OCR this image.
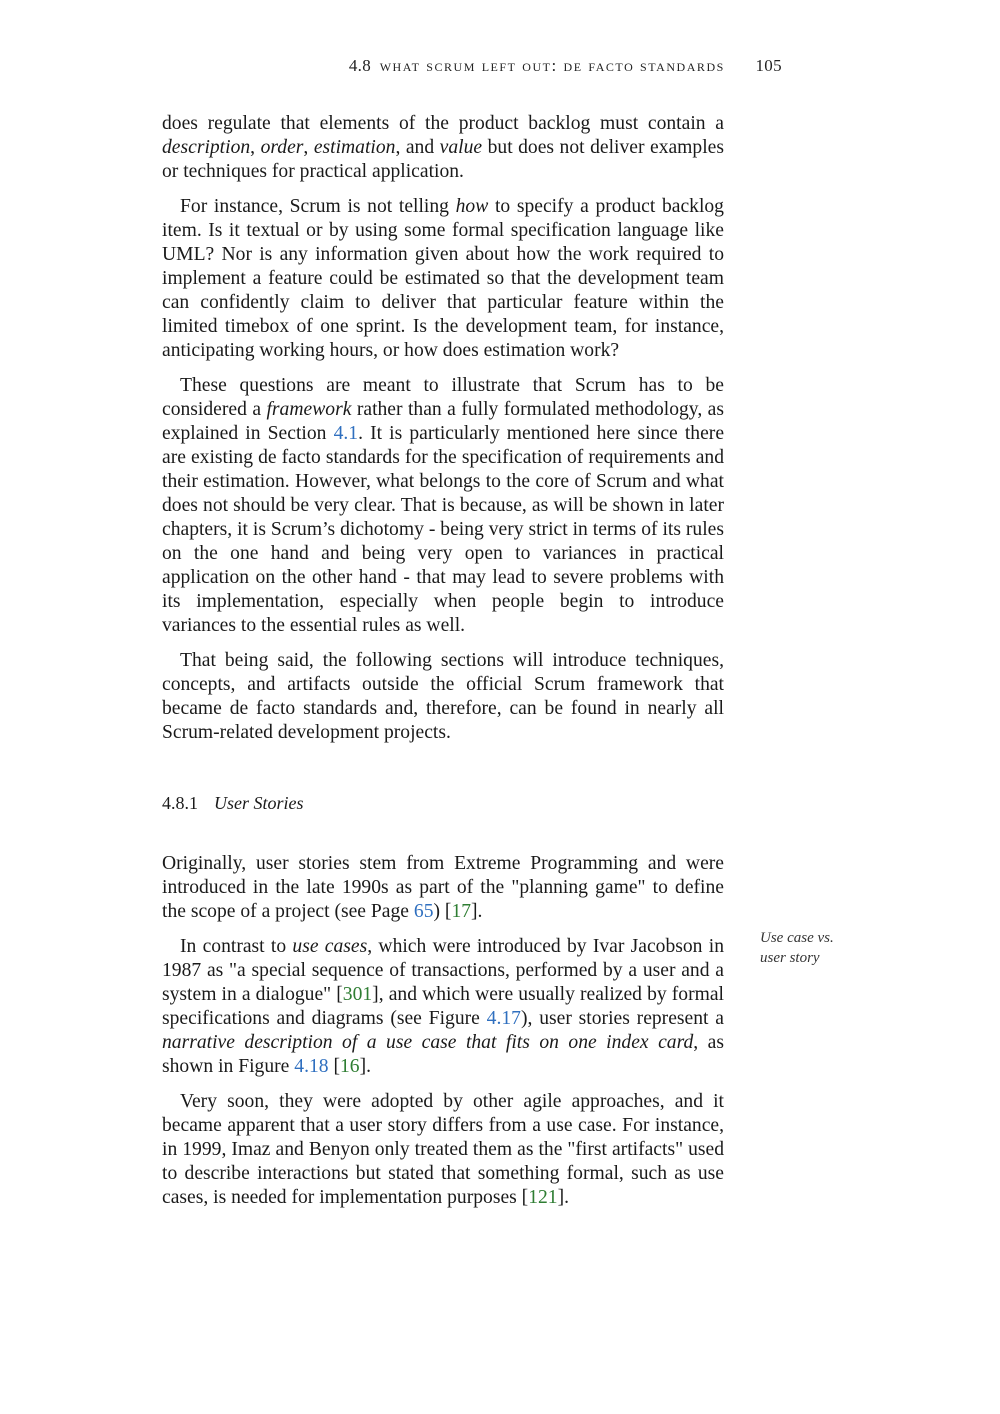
4.8 what scrum left out: de facto standards 105

does regulate that elements of the product backlog must contain a description, order, estimation, and value but does not deliver examples or techniques for practical application.

For instance, Scrum is not telling how to specify a product backlog item. Is it textual or by using some formal specification language like UML? Nor is any information given about how the work required to implement a feature could be estimated so that the development team can confidently claim to deliver that particular feature within the limited timebox of one sprint. Is the development team, for instance, anticipating working hours, or how does estimation work?

These questions are meant to illustrate that Scrum has to be considered a framework rather than a fully formulated methodology, as explained in Section 4.1. It is particularly mentioned here since there are existing de facto standards for the specification of requirements and their estimation. However, what belongs to the core of Scrum and what does not should be very clear. That is because, as will be shown in later chapters, it is Scrum’s dichotomy - being very strict in terms of its rules on the one hand and being very open to variances in practical application on the other hand - that may lead to severe problems with its implementation, especially when people begin to introduce variances to the essential rules as well.

That being said, the following sections will introduce techniques, concepts, and artifacts outside the official Scrum framework that became de facto standards and, therefore, can be found in nearly all Scrum-related development projects.

4.8.1 User Stories

Originally, user stories stem from Extreme Programming and were introduced in the late 1990s as part of the "planning game" to define the scope of a project (see Page 65) [17].

In contrast to use cases, which were introduced by Ivar Jacobson in 1987 as "a special sequence of transactions, performed by a user and a system in a dialogue" [301], and which were usually realized by formal specifications and diagrams (see Figure 4.17), user stories represent a narrative description of a use case that fits on one index card, as shown in Figure 4.18 [16].

Very soon, they were adopted by other agile approaches, and it became apparent that a user story differs from a use case. For instance, in 1999, Imaz and Benyon only treated them as the "first artifacts" used to describe interactions but stated that something formal, such as use cases, is needed for implementation purposes [121].

Use case vs.
user story
